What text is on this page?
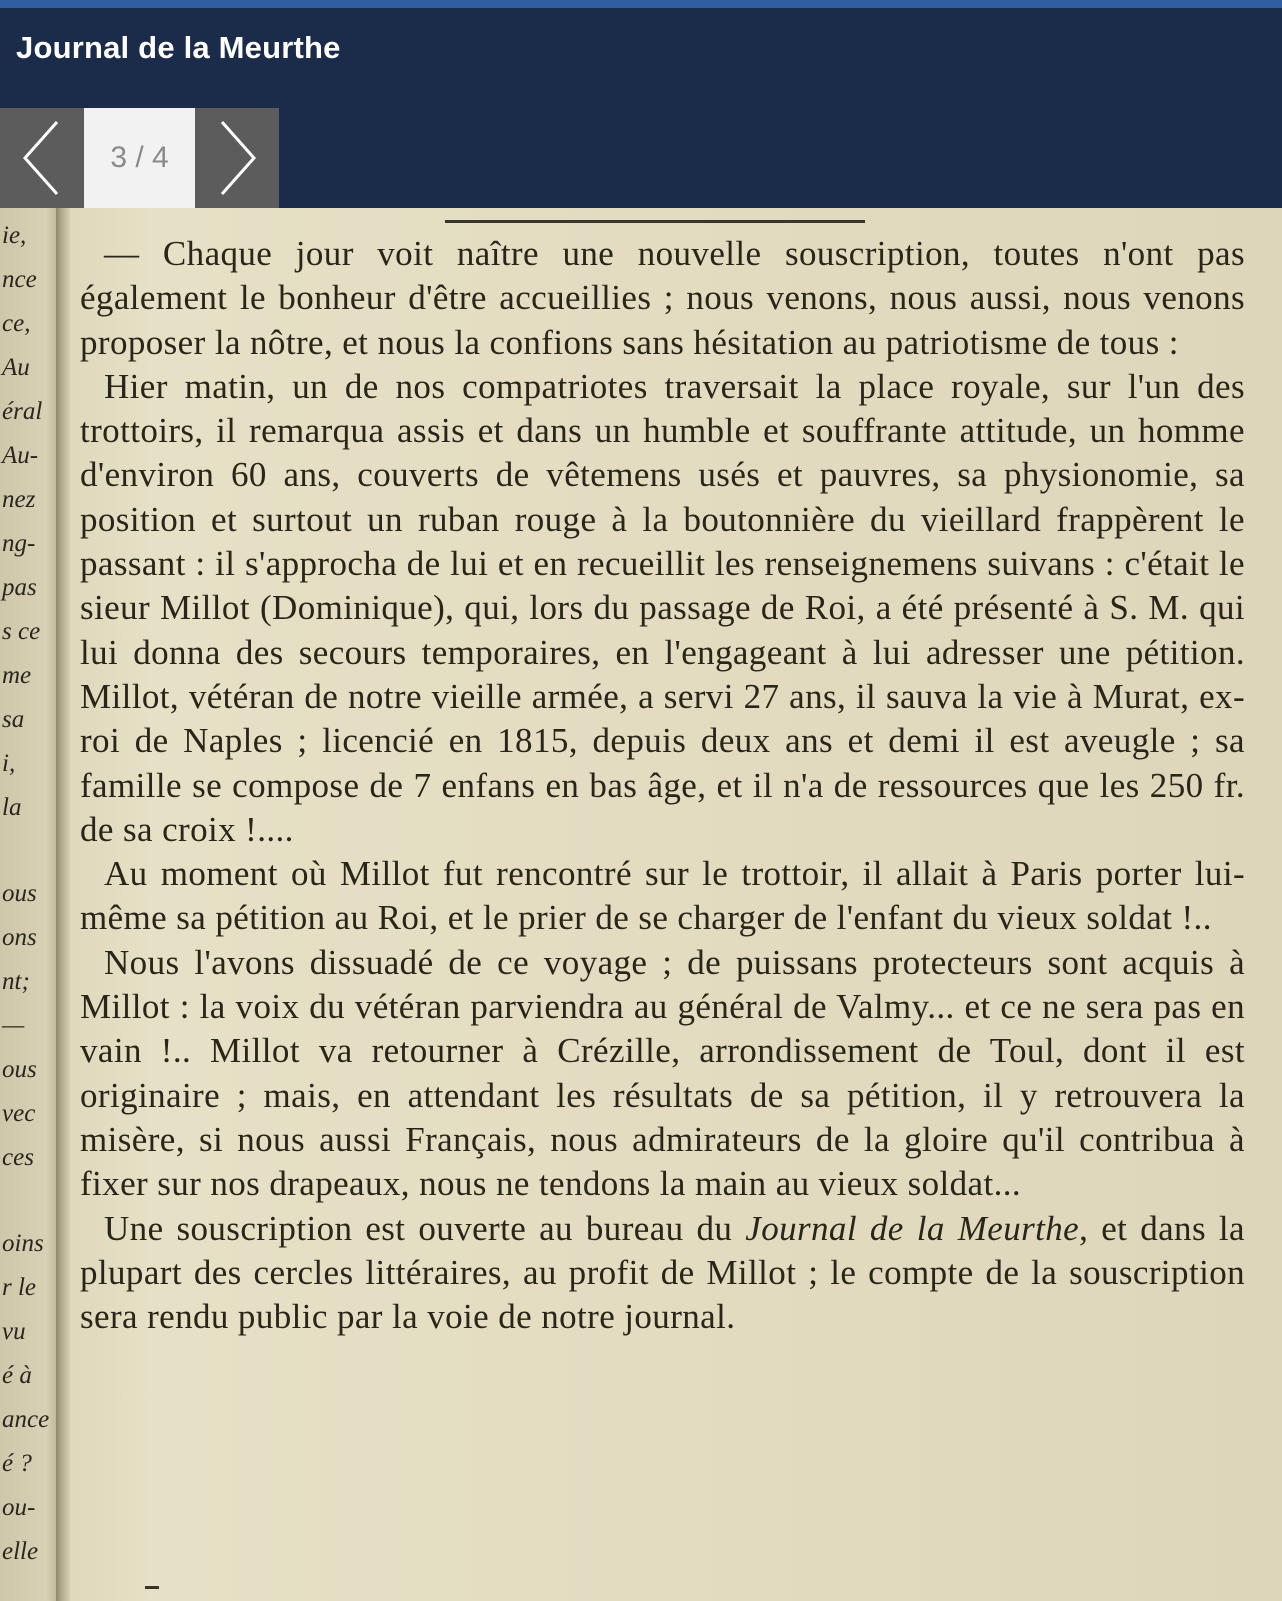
Journal de la Meurthe
3 / 4
ie,
nce
ce,
Au
éral
Au-
nez
ng-
pas
s ce
me
sa
i,
la
ous
ons
nt;
—
ous
vec
ces
oins
r le
vu
é à
ance
é ?
ou-
elle

— Chaque jour voit naître une nouvelle souscription, toutes n'ont pas également le bonheur d'être accueillies ; nous venons, nous aussi, nous venons proposer la nôtre, et nous la confions sans hésitation au patriotisme de tous :

Hier matin, un de nos compatriotes traversait la place royale, sur l'un des trottoirs, il remarqua assis et dans un humble et souffrante attitude, un homme d'environ 60 ans, couverts de vêtemens usés et pauvres, sa physionomie, sa position et surtout un ruban rouge à la boutonnière du vieillard frappèrent le passant : il s'approcha de lui et en recueillit les renseignemens suivans : c'était le sieur Millot (Dominique), qui, lors du passage de Roi, a été présenté à S. M. qui lui donna des secours temporaires, en l'engageant à lui adresser une pétition. Millot, vétéran de notre vieille armée, a servi 27 ans, il sauva la vie à Murat, ex-roi de Naples ; licencié en 1815, depuis deux ans et demi il est aveugle ; sa famille se compose de 7 enfans en bas âge, et il n'a de ressources que les 250 fr. de sa croix !....

Au moment où Millot fut rencontré sur le trottoir, il allait à Paris porter lui-même sa pétition au Roi, et le prier de se charger de l'enfant du vieux soldat !..

Nous l'avons dissuadé de ce voyage ; de puissans protecteurs sont acquis à Millot : la voix du vétéran parviendra au général de Valmy... et ce ne sera pas en vain !.. Millot va retourner à Crézille, arrondissement de Toul, dont il est originaire ; mais, en attendant les résultats de sa pétition, il y retrouvera la misère, si nous aussi Français, nous admirateurs de la gloire qu'il contribua à fixer sur nos drapeaux, nous ne tendons la main au vieux soldat...

Une souscription est ouverte au bureau du Journal de la Meurthe, et dans la plupart des cercles littéraires, au profit de Millot ; le compte de la souscription sera rendu public par la voie de notre journal.
